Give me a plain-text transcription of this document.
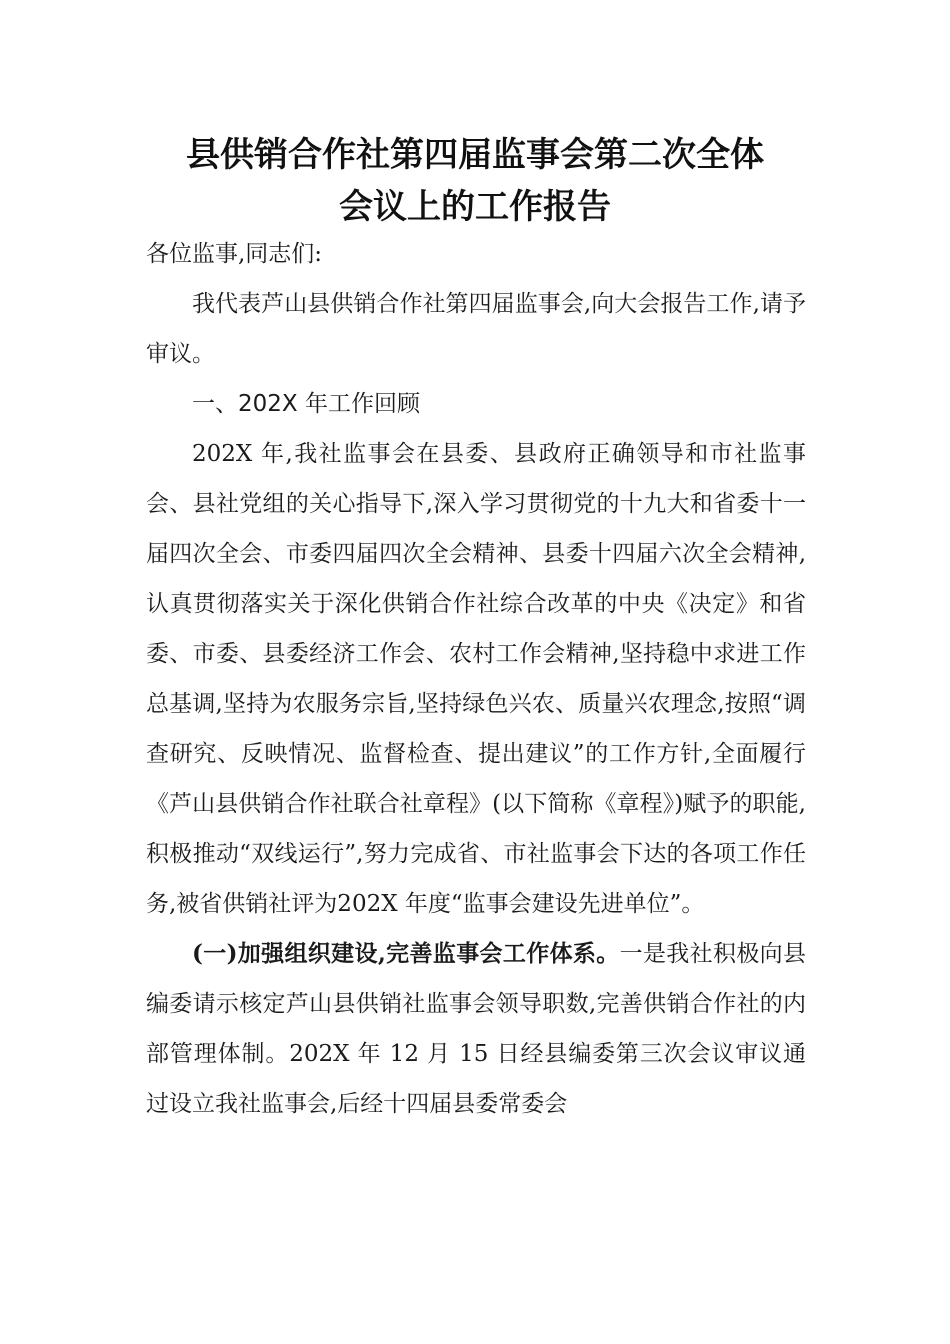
县供销合作社第四届监事会第二次全体
会议上的工作报告

各位监事,同志们:

我代表芦山县供销合作社第四届监事会,向大会报告工作,请予审议。

一、202X 年工作回顾

202X 年,我社监事会在县委、县政府正确领导和市社监事会、县社党组的关心指导下,深入学习贯彻党的十九大和省委十一届四次全会、市委四届四次全会精神、县委十四届六次全会精神,认真贯彻落实关于深化供销合作社综合改革的中央《决定》和省委、市委、县委经济工作会、农村工作会精神,坚持稳中求进工作总基调,坚持为农服务宗旨,坚持绿色兴农、质量兴农理念,按照“调查研究、反映情况、监督检查、提出建议”的工作方针,全面履行《芦山县供销合作社联合社章程》(以下简称《章程》)赋予的职能,积极推动“双线运行”,努力完成省、市社监事会下达的各项工作任务,被省供销社评为202X 年度“监事会建设先进单位”。

(一)加强组织建设,完善监事会工作体系。一是我社积极向县编委请示核定芦山县供销社监事会领导职数,完善供销合作社的内部管理体制。202X 年 12 月 15 日经县编委第三次会议审议通过设立我社监事会,后经十四届县委常委会
